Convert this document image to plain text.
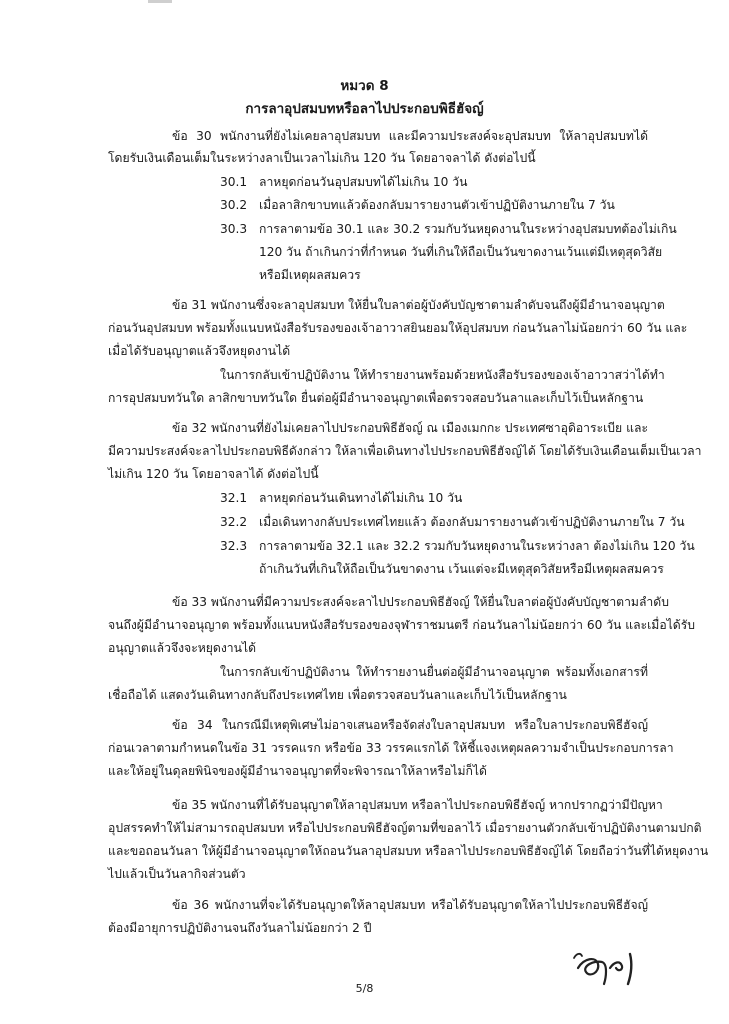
หมวด 8
การลาอุปสมบทหรือลาไปประกอบพิธีฮัจญ์
ข้อ 30 พนักงานที่ยังไม่เคยลาอุปสมบท และมีความประสงค์จะอุปสมบท ให้ลาอุปสมบทได้
โดยรับเงินเดือนเต็มในระหว่างลาเป็นเวลาไม่เกิน 120 วัน โดยอาจลาได้ ดังต่อไปนี้
30.1 ลาหยุดก่อนวันอุปสมบทได้ไม่เกิน 10 วัน
30.2 เมื่อลาสิกขาบทแล้วต้องกลับมารายงานตัวเข้าปฏิบัติงานภายใน 7 วัน
30.3 การลาตามข้อ 30.1 และ 30.2 รวมกับวันหยุดงานในระหว่างอุปสมบทต้องไม่เกิน
120 วัน ถ้าเกินกว่าที่กำหนด วันที่เกินให้ถือเป็นวันขาดงานเว้นแต่มีเหตุสุดวิสัย
หรือมีเหตุผลสมควร
ข้อ 31 พนักงานซึ่งจะลาอุปสมบท ให้ยื่นใบลาต่อผู้บังคับบัญชาตามลำดับจนถึงผู้มีอำนาจอนุญาต
ก่อนวันอุปสมบท พร้อมทั้งแนบหนังสือรับรองของเจ้าอาวาสยินยอมให้อุปสมบท ก่อนวันลาไม่น้อยกว่า 60 วัน และ
เมื่อได้รับอนุญาตแล้วจึงหยุดงานได้
ในการกลับเข้าปฏิบัติงาน ให้ทำรายงานพร้อมด้วยหนังสือรับรองของเจ้าอาวาสว่าได้ทำ
การอุปสมบทวันใด ลาสิกขาบทวันใด ยื่นต่อผู้มีอำนาจอนุญาตเพื่อตรวจสอบวันลาและเก็บไว้เป็นหลักฐาน
ข้อ 32 พนักงานที่ยังไม่เคยลาไปประกอบพิธีฮัจญ์ ณ เมืองเมกกะ ประเทศซาอุดิอาระเบีย และ
มีความประสงค์จะลาไปประกอบพิธีดังกล่าว ให้ลาเพื่อเดินทางไปประกอบพิธีฮัจญ์ได้ โดยได้รับเงินเดือนเต็มเป็นเวลา
ไม่เกิน 120 วัน โดยอาจลาได้ ดังต่อไปนี้
32.1 ลาหยุดก่อนวันเดินทางได้ไม่เกิน 10 วัน
32.2 เมื่อเดินทางกลับประเทศไทยแล้ว ต้องกลับมารายงานตัวเข้าปฏิบัติงานภายใน 7 วัน
32.3 การลาตามข้อ 32.1 และ 32.2 รวมกับวันหยุดงานในระหว่างลา ต้องไม่เกิน 120 วัน
ถ้าเกินวันที่เกินให้ถือเป็นวันขาดงาน เว้นแต่จะมีเหตุสุดวิสัยหรือมีเหตุผลสมควร
ข้อ 33 พนักงานที่มีความประสงค์จะลาไปประกอบพิธีฮัจญ์ ให้ยื่นใบลาต่อผู้บังคับบัญชาตามลำดับ
จนถึงผู้มีอำนาจอนุญาต พร้อมทั้งแนบหนังสือรับรองของจุฬาราชมนตรี ก่อนวันลาไม่น้อยกว่า 60 วัน และเมื่อได้รับ
อนุญาตแล้วจึงจะหยุดงานได้
ในการกลับเข้าปฏิบัติงาน ให้ทำรายงานยื่นต่อผู้มีอำนาจอนุญาต พร้อมทั้งเอกสารที่
เชื่อถือได้ แสดงวันเดินทางกลับถึงประเทศไทย เพื่อตรวจสอบวันลาและเก็บไว้เป็นหลักฐาน
ข้อ 34 ในกรณีมีเหตุพิเศษไม่อาจเสนอหรือจัดส่งใบลาอุปสมบท หรือใบลาประกอบพิธีฮัจญ์
ก่อนเวลาตามกำหนดในข้อ 31 วรรคแรก หรือข้อ 33 วรรคแรกได้ ให้ชี้แจงเหตุผลความจำเป็นประกอบการลา
และให้อยู่ในดุลยพินิจของผู้มีอำนาจอนุญาตที่จะพิจารณาให้ลาหรือไม่ก็ได้
ข้อ 35 พนักงานที่ได้รับอนุญาตให้ลาอุปสมบท หรือลาไปประกอบพิธีฮัจญ์ หากปรากฏว่ามีปัญหา
อุปสรรคทำให้ไม่สามารถอุปสมบท หรือไปประกอบพิธีฮัจญ์ตามที่ขอลาไว้ เมื่อรายงานตัวกลับเข้าปฏิบัติงานตามปกติ
และขอถอนวันลา ให้ผู้มีอำนาจอนุญาตให้ถอนวันลาอุปสมบท หรือลาไปประกอบพิธีฮัจญ์ได้ โดยถือว่าวันที่ได้หยุดงาน
ไปแล้วเป็นวันลากิจส่วนตัว
ข้อ 36 พนักงานที่จะได้รับอนุญาตให้ลาอุปสมบท หรือได้รับอนุญาตให้ลาไปประกอบพิธีฮัจญ์
ต้องมีอายุการปฏิบัติงานจนถึงวันลาไม่น้อยกว่า 2 ปี
5/8
